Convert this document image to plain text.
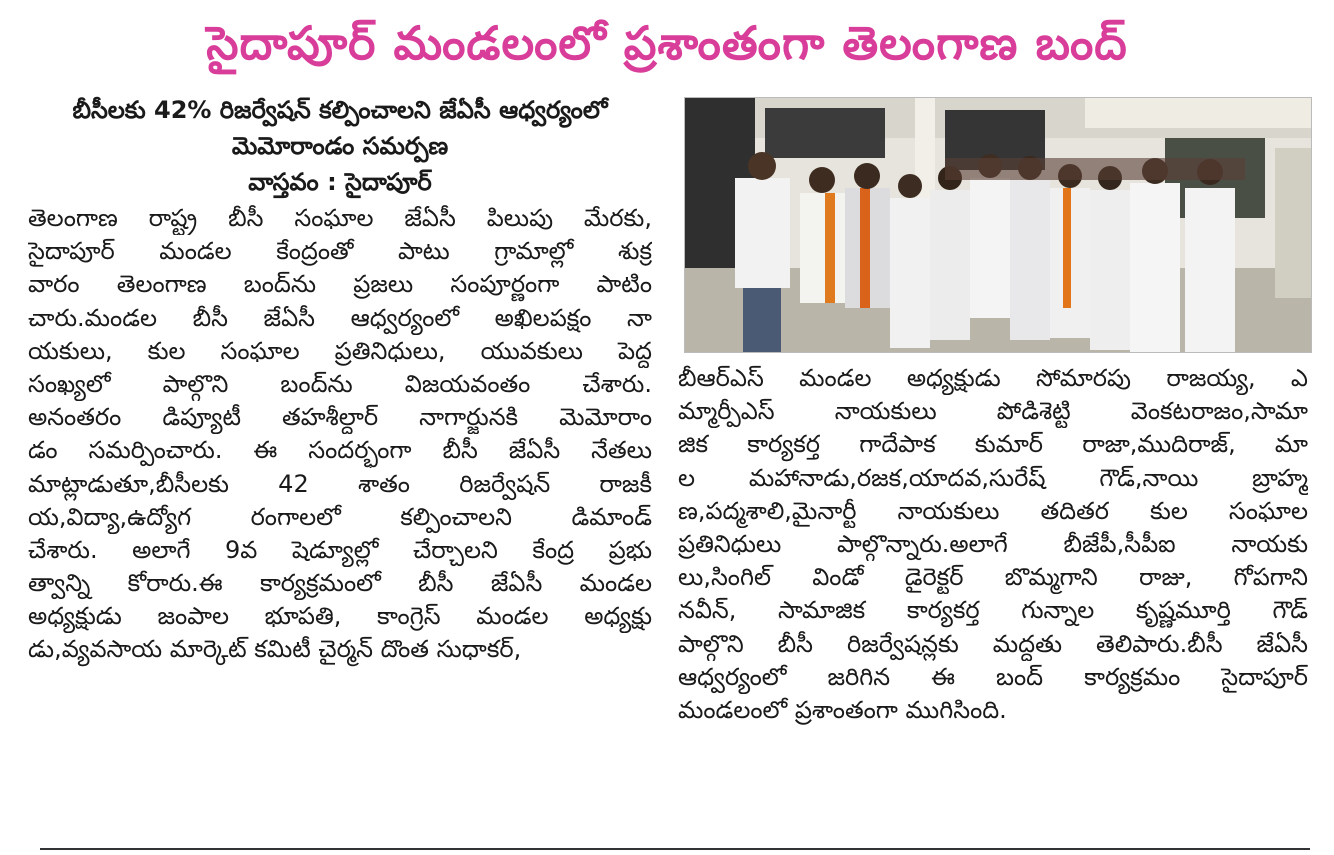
సైదాపూర్ మండలంలో ప్రశాంతంగా తెలంగాణ బంద్
బీసీలకు 42% రిజర్వేషన్ కల్పించాలని జేఏసీ ఆధ్వర్యంలో
మెమోరాండం సమర్పణ
వాస్తవం : సైదాపూర్
తెలంగాణ రాష్ట్ర బీసీ సంఘాల జేఏసీ పిలుపు మేరకు,
సైదాపూర్ మండల కేంద్రంతో పాటు గ్రామాల్లో శుక్ర
వారం తెలంగాణ బంద్‌ను ప్రజలు సంపూర్ణంగా పాటిం
చారు.మండల బీసీ జేఏసీ ఆధ్వర్యంలో అఖిలపక్షం నా
యకులు, కుల సంఘాల ప్రతినిధులు, యువకులు పెద్ద
సంఖ్యలో పాల్గొని బంద్‌ను విజయవంతం చేశారు.
అనంతరం డిప్యూటీ తహశీల్దార్ నాగార్జునకి మెమోరాం
డం సమర్పించారు. ఈ సందర్భంగా బీసీ జేఏసీ నేతలు
మాట్లాడుతూ,బీసీలకు 42 శాతం రిజర్వేషన్ రాజకీ
య,విద్యా,ఉద్యోగ రంగాలలో కల్పించాలని డిమాండ్
చేశారు. అలాగే 9వ షెడ్యూల్లో చేర్చాలని కేంద్ర ప్రభు
త్వాన్ని కోరారు.ఈ కార్యక్రమంలో బీసీ జేఏసీ మండల
అధ్యక్షుడు జంపాల భూపతి, కాంగ్రెస్ మండల అధ్యక్షు
డు,వ్యవసాయ మార్కెట్ కమిటీ చైర్మన్ దొంత సుధాకర్,
బీఆర్ఎస్ మండల అధ్యక్షుడు సోమారపు రాజయ్య, ఎ
మ్మార్పీఎస్ నాయకులు పోడిశెట్టి వెంకటరాజం,సామా
జిక కార్యకర్త గాదేపాక కుమార్ రాజా,ముదిరాజ్, మా
ల మహానాడు,రజక,యాదవ,సురేష్ గౌడ్,నాయి బ్రాహ్మ
ణ,పద్మశాలి,మైనార్టీ నాయకులు తదితర కుల సంఘాల
ప్రతినిధులు పాల్గొన్నారు.అలాగే బీజేపీ,సీపీఐ నాయకు
లు,సింగిల్ విండో డైరెక్టర్ బొమ్మగాని రాజు, గోపగాని
నవీన్, సామాజిక కార్యకర్త గున్నాల కృష్ణమూర్తి గౌడ్
పాల్గొని బీసీ రిజర్వేషన్లకు మద్దతు తెలిపారు.బీసీ జేఏసీ
ఆధ్వర్యంలో జరిగిన ఈ బంద్ కార్యక్రమం సైదాపూర్
మండలంలో ప్రశాంతంగా ముగిసింది.
